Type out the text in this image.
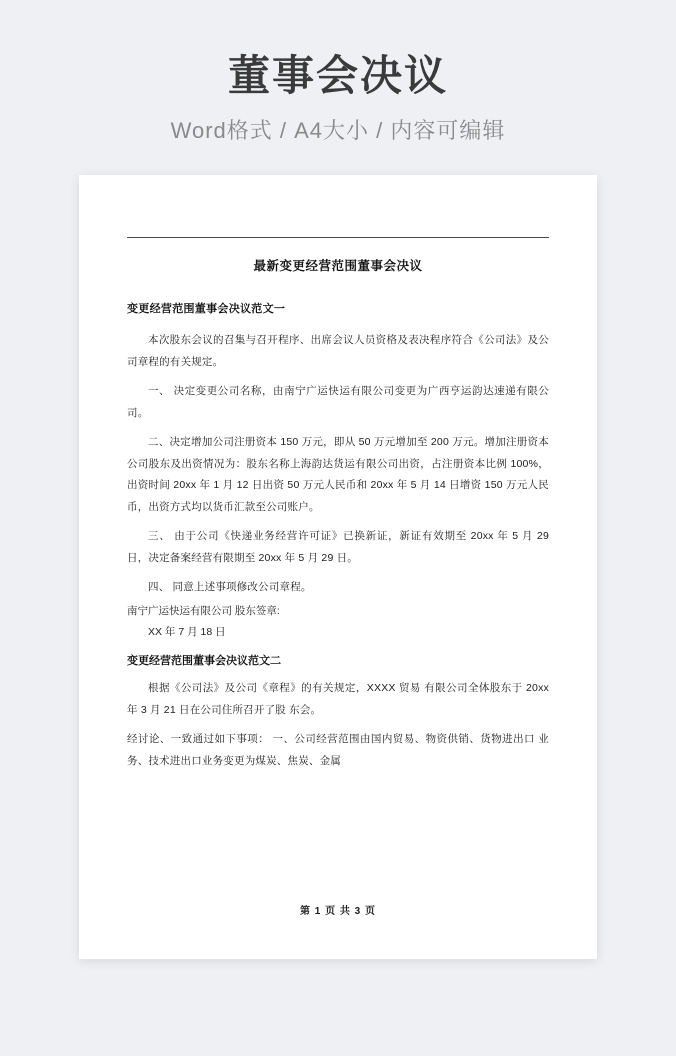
董事会决议
Word格式 / A4大小 / 内容可编辑
最新变更经营范围董事会决议
变更经营范围董事会决议范文一

本次股东会议的召集与召开程序、出席会议人员资格及表决程序符合《公司法》及公司章程的有关规定。

一、 决定变更公司名称，由南宁广运快运有限公司变更为广西亨运韵达速递有限公司。

二、决定增加公司注册资本 150 万元，即从 50 万元增加至 200 万元。增加注册资本公司股东及出资情况为：股东名称上海韵达货运有限公司出资，占注册资本比例 100%，出资时间 20xx 年 1 月 12 日出资 50 万元人民币和 20xx 年 5 月 14 日增资 150 万元人民币，出资方式均以货币汇款至公司账户。

三、 由于公司《快递业务经营许可证》已换新证，新证有效期至 20xx 年 5 月 29 日，决定备案经营有限期至 20xx 年 5 月 29 日。

四、 同意上述事项修改公司章程。

南宁广运快运有限公司 股东签章:

XX 年 7 月 18 日

变更经营范围董事会决议范文二

根据《公司法》及公司《章程》的有关规定，XXXX 贸易 有限公司全体股东于 20xx 年 3 月 21 日在公司住所召开了股 东会。

经讨论、一致通过如下事项： 一、公司经营范围由国内贸易、物资供销、货物进出口 业务、技术进出口业务变更为煤炭、焦炭、金属

第 1 页 共 3 页
